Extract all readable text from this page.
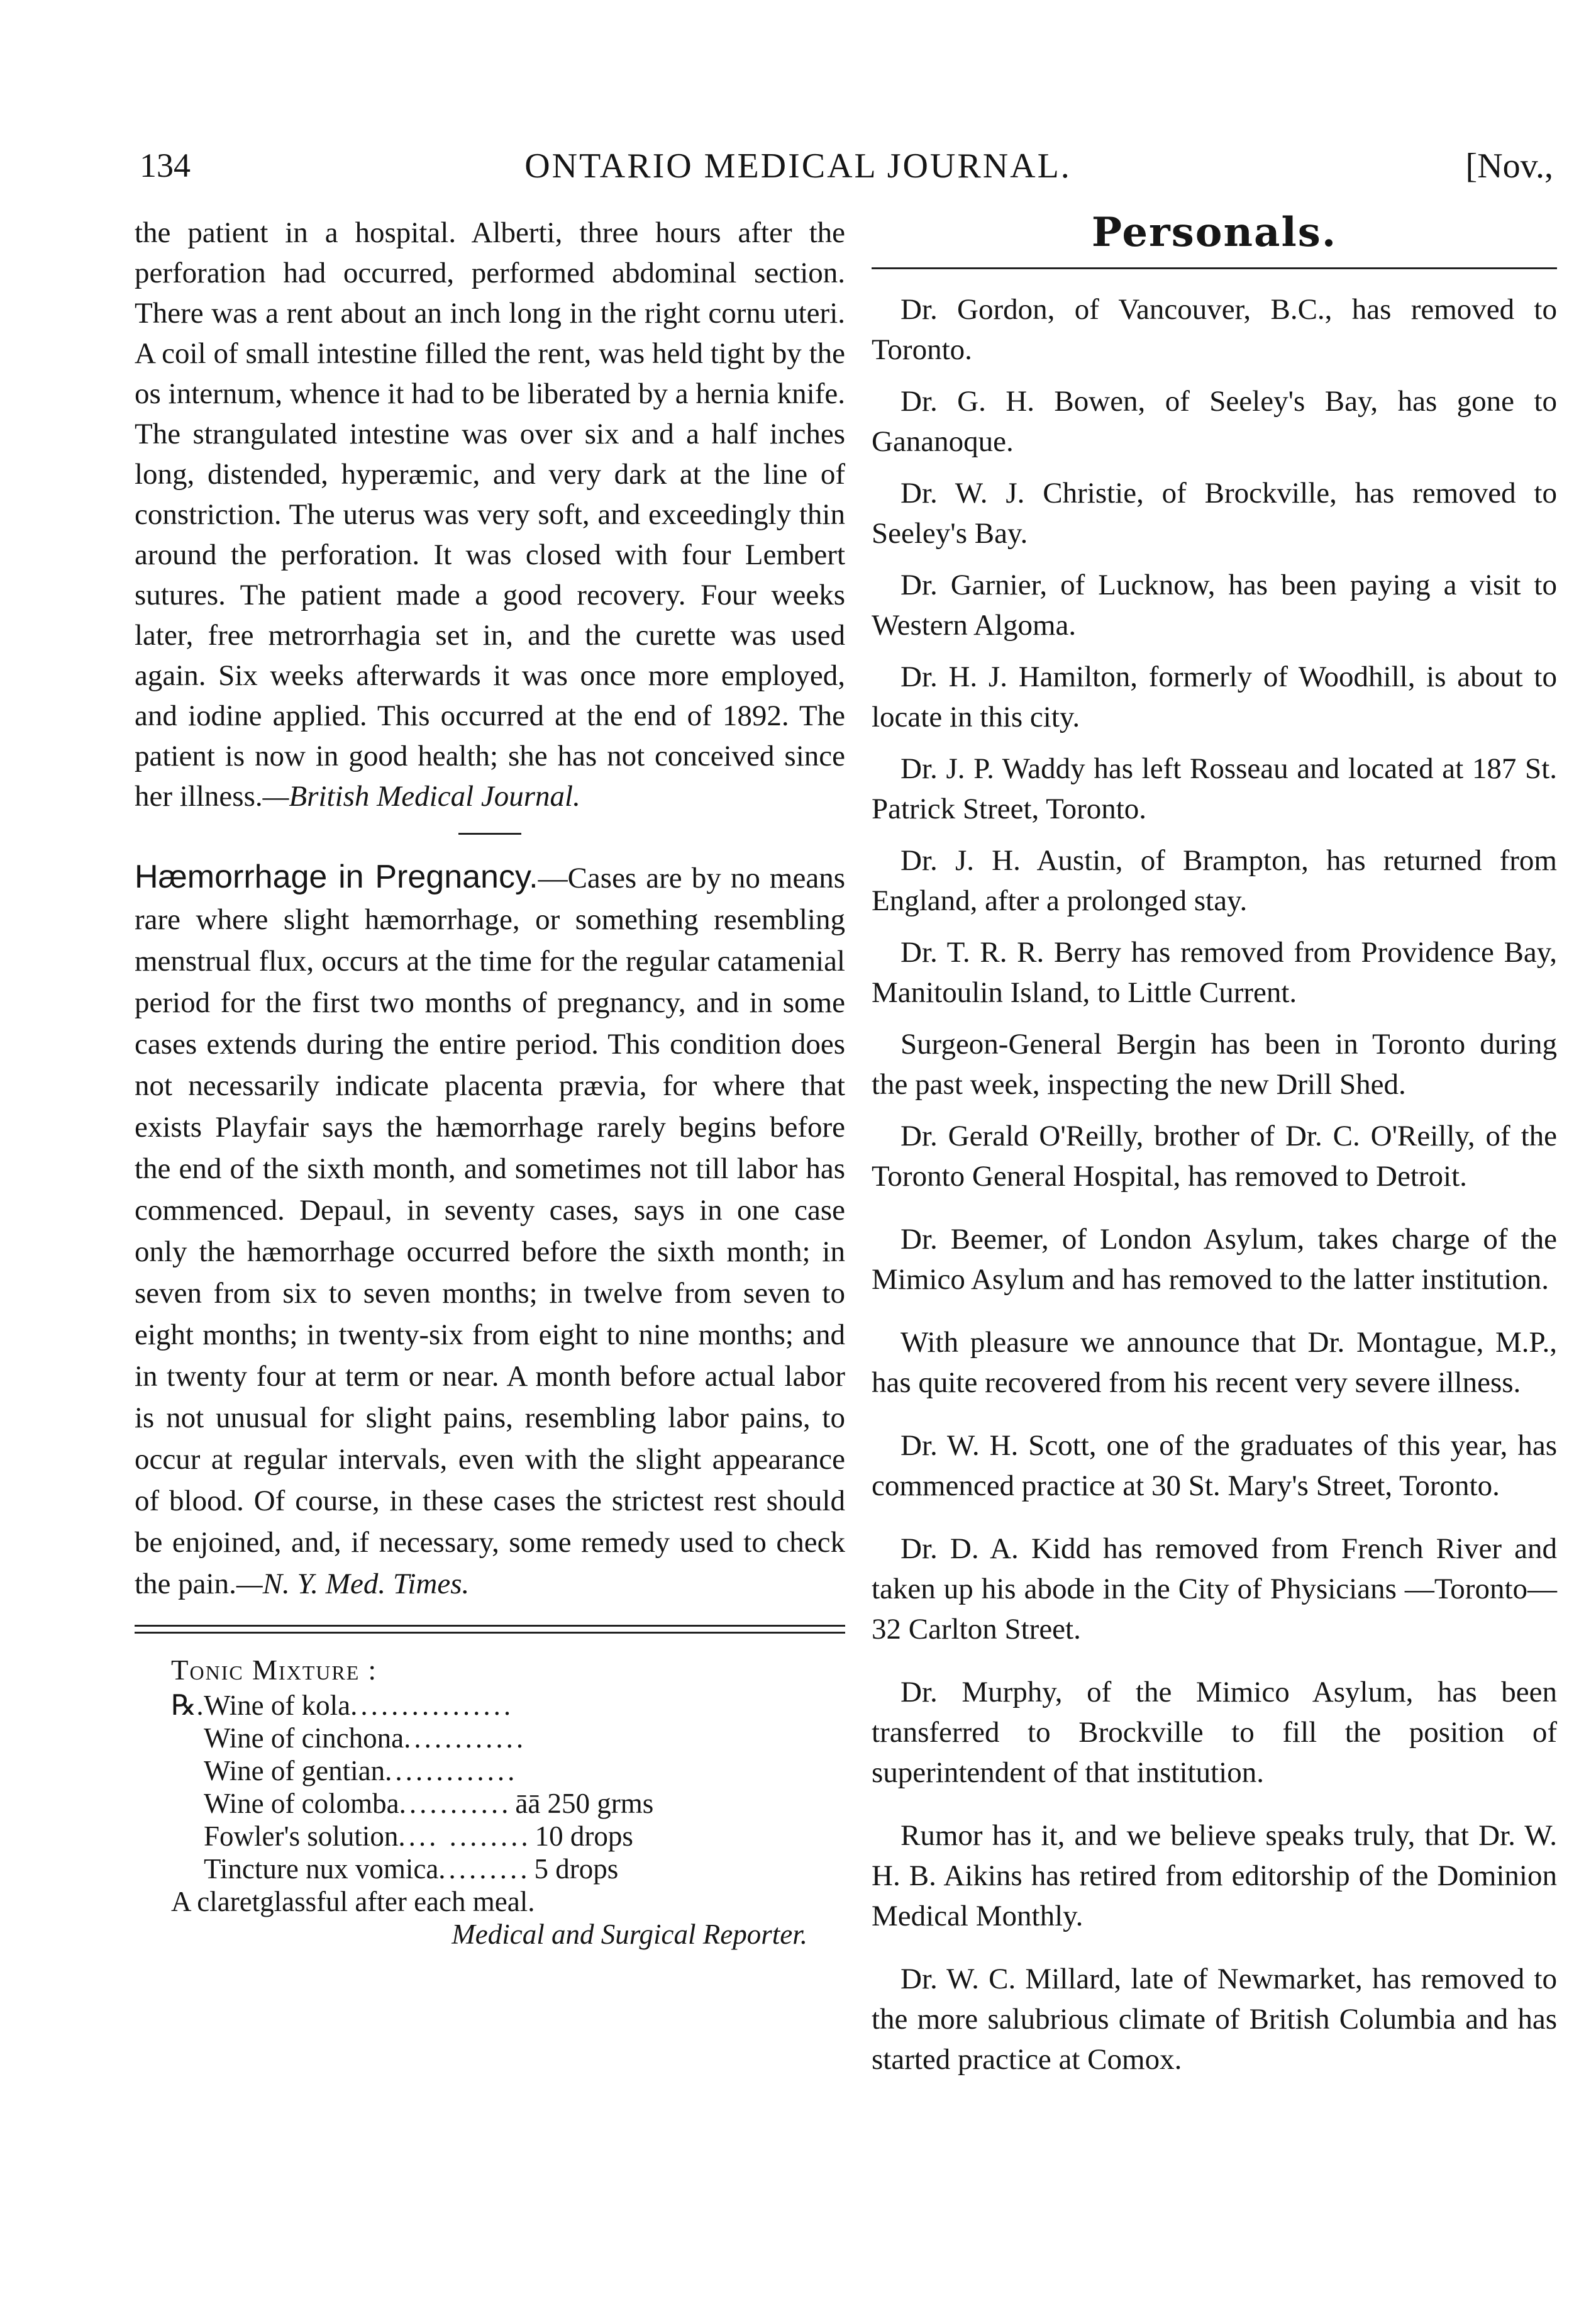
134	ONTARIO MEDICAL JOURNAL.	[Nov.,

the patient in a hospital. Alberti, three hours after the perforation had occurred, performed abdominal section. There was a rent about an inch long in the right cornu uteri. A coil of small intestine filled the rent, was held tight by the os internum, whence it had to be liberated by a hernia knife. The strangulated intestine was over six and a half inches long, distended, hyperæmic, and very dark at the line of constriction. The uterus was very soft, and exceedingly thin around the perforation. It was closed with four Lembert sutures. The patient made a good recovery. Four weeks later, free metrorrhagia set in, and the curette was used again. Six weeks afterwards it was once more employed, and iodine applied. This occurred at the end of 1892. The patient is now in good health; she has not conceived since her illness.—British Medical Journal.

Hæmorrhage in Pregnancy.—Cases are by no means rare where slight hæmorrhage, or something resembling menstrual flux, occurs at the time for the regular catamenial period for the first two months of pregnancy, and in some cases extends during the entire period. This condition does not necessarily indicate placenta prævia, for where that exists Playfair says the hæmorrhage rarely begins before the end of the sixth month, and sometimes not till labor has commenced. Depaul, in seventy cases, says in one case only the hæmorrhage occurred before the sixth month; in seven from six to seven months; in twelve from seven to eight months; in twenty-six from eight to nine months; and in twenty four at term or near. A month before actual labor is not unusual for slight pains, resembling labor pains, to occur at regular intervals, even with the slight appearance of blood. Of course, in these cases the strictest rest should be enjoined, and, if necessary, some remedy used to check the pain.—N. Y. Med. Times.

Tonic Mixture :
℞. Wine of kola ................
Wine of cinchona ............
Wine of gentian .............
Wine of colomba ........... āā 250 grms
Fowler's solution .... ........ 10 drops
Tincture nux vomica ......... 5 drops
A claretglassful after each meal.
Medical and Surgical Reporter.
Personals.

Dr. Gordon, of Vancouver, B.C., has removed to Toronto.

Dr. G. H. Bowen, of Seeley's Bay, has gone to Gananoque.

Dr. W. J. Christie, of Brockville, has removed to Seeley's Bay.

Dr. Garnier, of Lucknow, has been paying a visit to Western Algoma.

Dr. H. J. Hamilton, formerly of Woodhill, is about to locate in this city.

Dr. J. P. Waddy has left Rosseau and located at 187 St. Patrick Street, Toronto.

Dr. J. H. Austin, of Brampton, has returned from England, after a prolonged stay.

Dr. T. R. R. Berry has removed from Providence Bay, Manitoulin Island, to Little Current.

Surgeon-General Bergin has been in Toronto during the past week, inspecting the new Drill Shed.

Dr. Gerald O'Reilly, brother of Dr. C. O'Reilly, of the Toronto General Hospital, has removed to Detroit.

Dr. Beemer, of London Asylum, takes charge of the Mimico Asylum and has removed to the latter institution.

With pleasure we announce that Dr. Montague, M.P., has quite recovered from his recent very severe illness.

Dr. W. H. Scott, one of the graduates of this year, has commenced practice at 30 St. Mary's Street, Toronto.

Dr. D. A. Kidd has removed from French River and taken up his abode in the City of Physicians —Toronto—32 Carlton Street.

Dr. Murphy, of the Mimico Asylum, has been transferred to Brockville to fill the position of superintendent of that institution.

Rumor has it, and we believe speaks truly, that Dr. W. H. B. Aikins has retired from editorship of the Dominion Medical Monthly.

Dr. W. C. Millard, late of Newmarket, has removed to the more salubrious climate of British Columbia and has started practice at Comox.
